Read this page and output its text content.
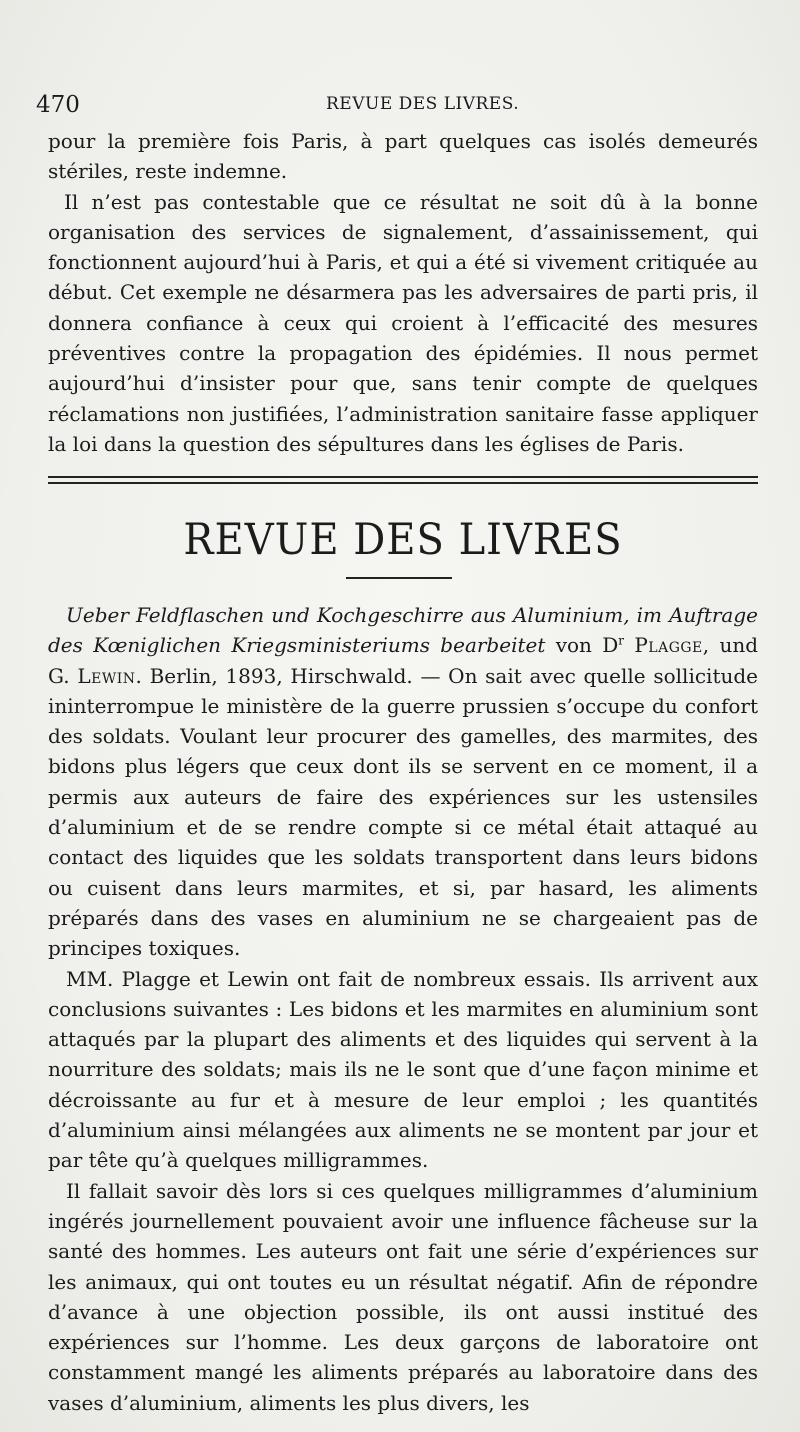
470	REVUE DES LIVRES.

pour la première fois Paris, à part quelques cas isolés demeurés stériles, reste indemne.

Il n’est pas contestable que ce résultat ne soit dû à la bonne organisation des services de signalement, d’assainissement, qui fonctionnent aujourd’hui à Paris, et qui a été si vivement critiquée au début. Cet exemple ne désarmera pas les adversaires de parti pris, il donnera confiance à ceux qui croient à l’efficacité des mesures préventives contre la propagation des épidémies. Il nous permet aujourd’hui d’insister pour que, sans tenir compte de quelques réclamations non justifiées, l’administration sanitaire fasse appliquer la loi dans la question des sépultures dans les églises de Paris.

REVUE DES LIVRES

Ueber Feldflaschen und Kochgeschirre aus Aluminium, im Auftrage des Kœniglichen Kriegsministeriums bearbeitet von $D^r$ Plagge, und G. Lewin. Berlin, 1893, Hirschwald. — On sait avec quelle sollicitude ininterrompue le ministère de la guerre prussien s’occupe du confort des soldats. Voulant leur procurer des gamelles, des marmites, des bidons plus légers que ceux dont ils se servent en ce moment, il a permis aux auteurs de faire des expériences sur les ustensiles d’aluminium et de se rendre compte si ce métal était attaqué au contact des liquides que les soldats transportent dans leurs bidons ou cuisent dans leurs marmites, et si, par hasard, les aliments préparés dans des vases en aluminium ne se chargeaient pas de principes toxiques.

MM. Plagge et Lewin ont fait de nombreux essais. Ils arrivent aux conclusions suivantes : Les bidons et les marmites en aluminium sont attaqués par la plupart des aliments et des liquides qui servent à la nourriture des soldats; mais ils ne le sont que d’une façon minime et décroissante au fur et à mesure de leur emploi ; les quantités d’aluminium ainsi mélangées aux aliments ne se montent par jour et par tête qu’à quelques milligrammes.

Il fallait savoir dès lors si ces quelques milligrammes d’aluminium ingérés journellement pouvaient avoir une influence fâcheuse sur la santé des hommes. Les auteurs ont fait une série d’expériences sur les animaux, qui ont toutes eu un résultat négatif. Afin de répondre d’avance à une objection possible, ils ont aussi institué des expériences sur l’homme. Les deux garçons de laboratoire ont constamment mangé les aliments préparés au laboratoire dans des vases d’aluminium, aliments les plus divers, les
